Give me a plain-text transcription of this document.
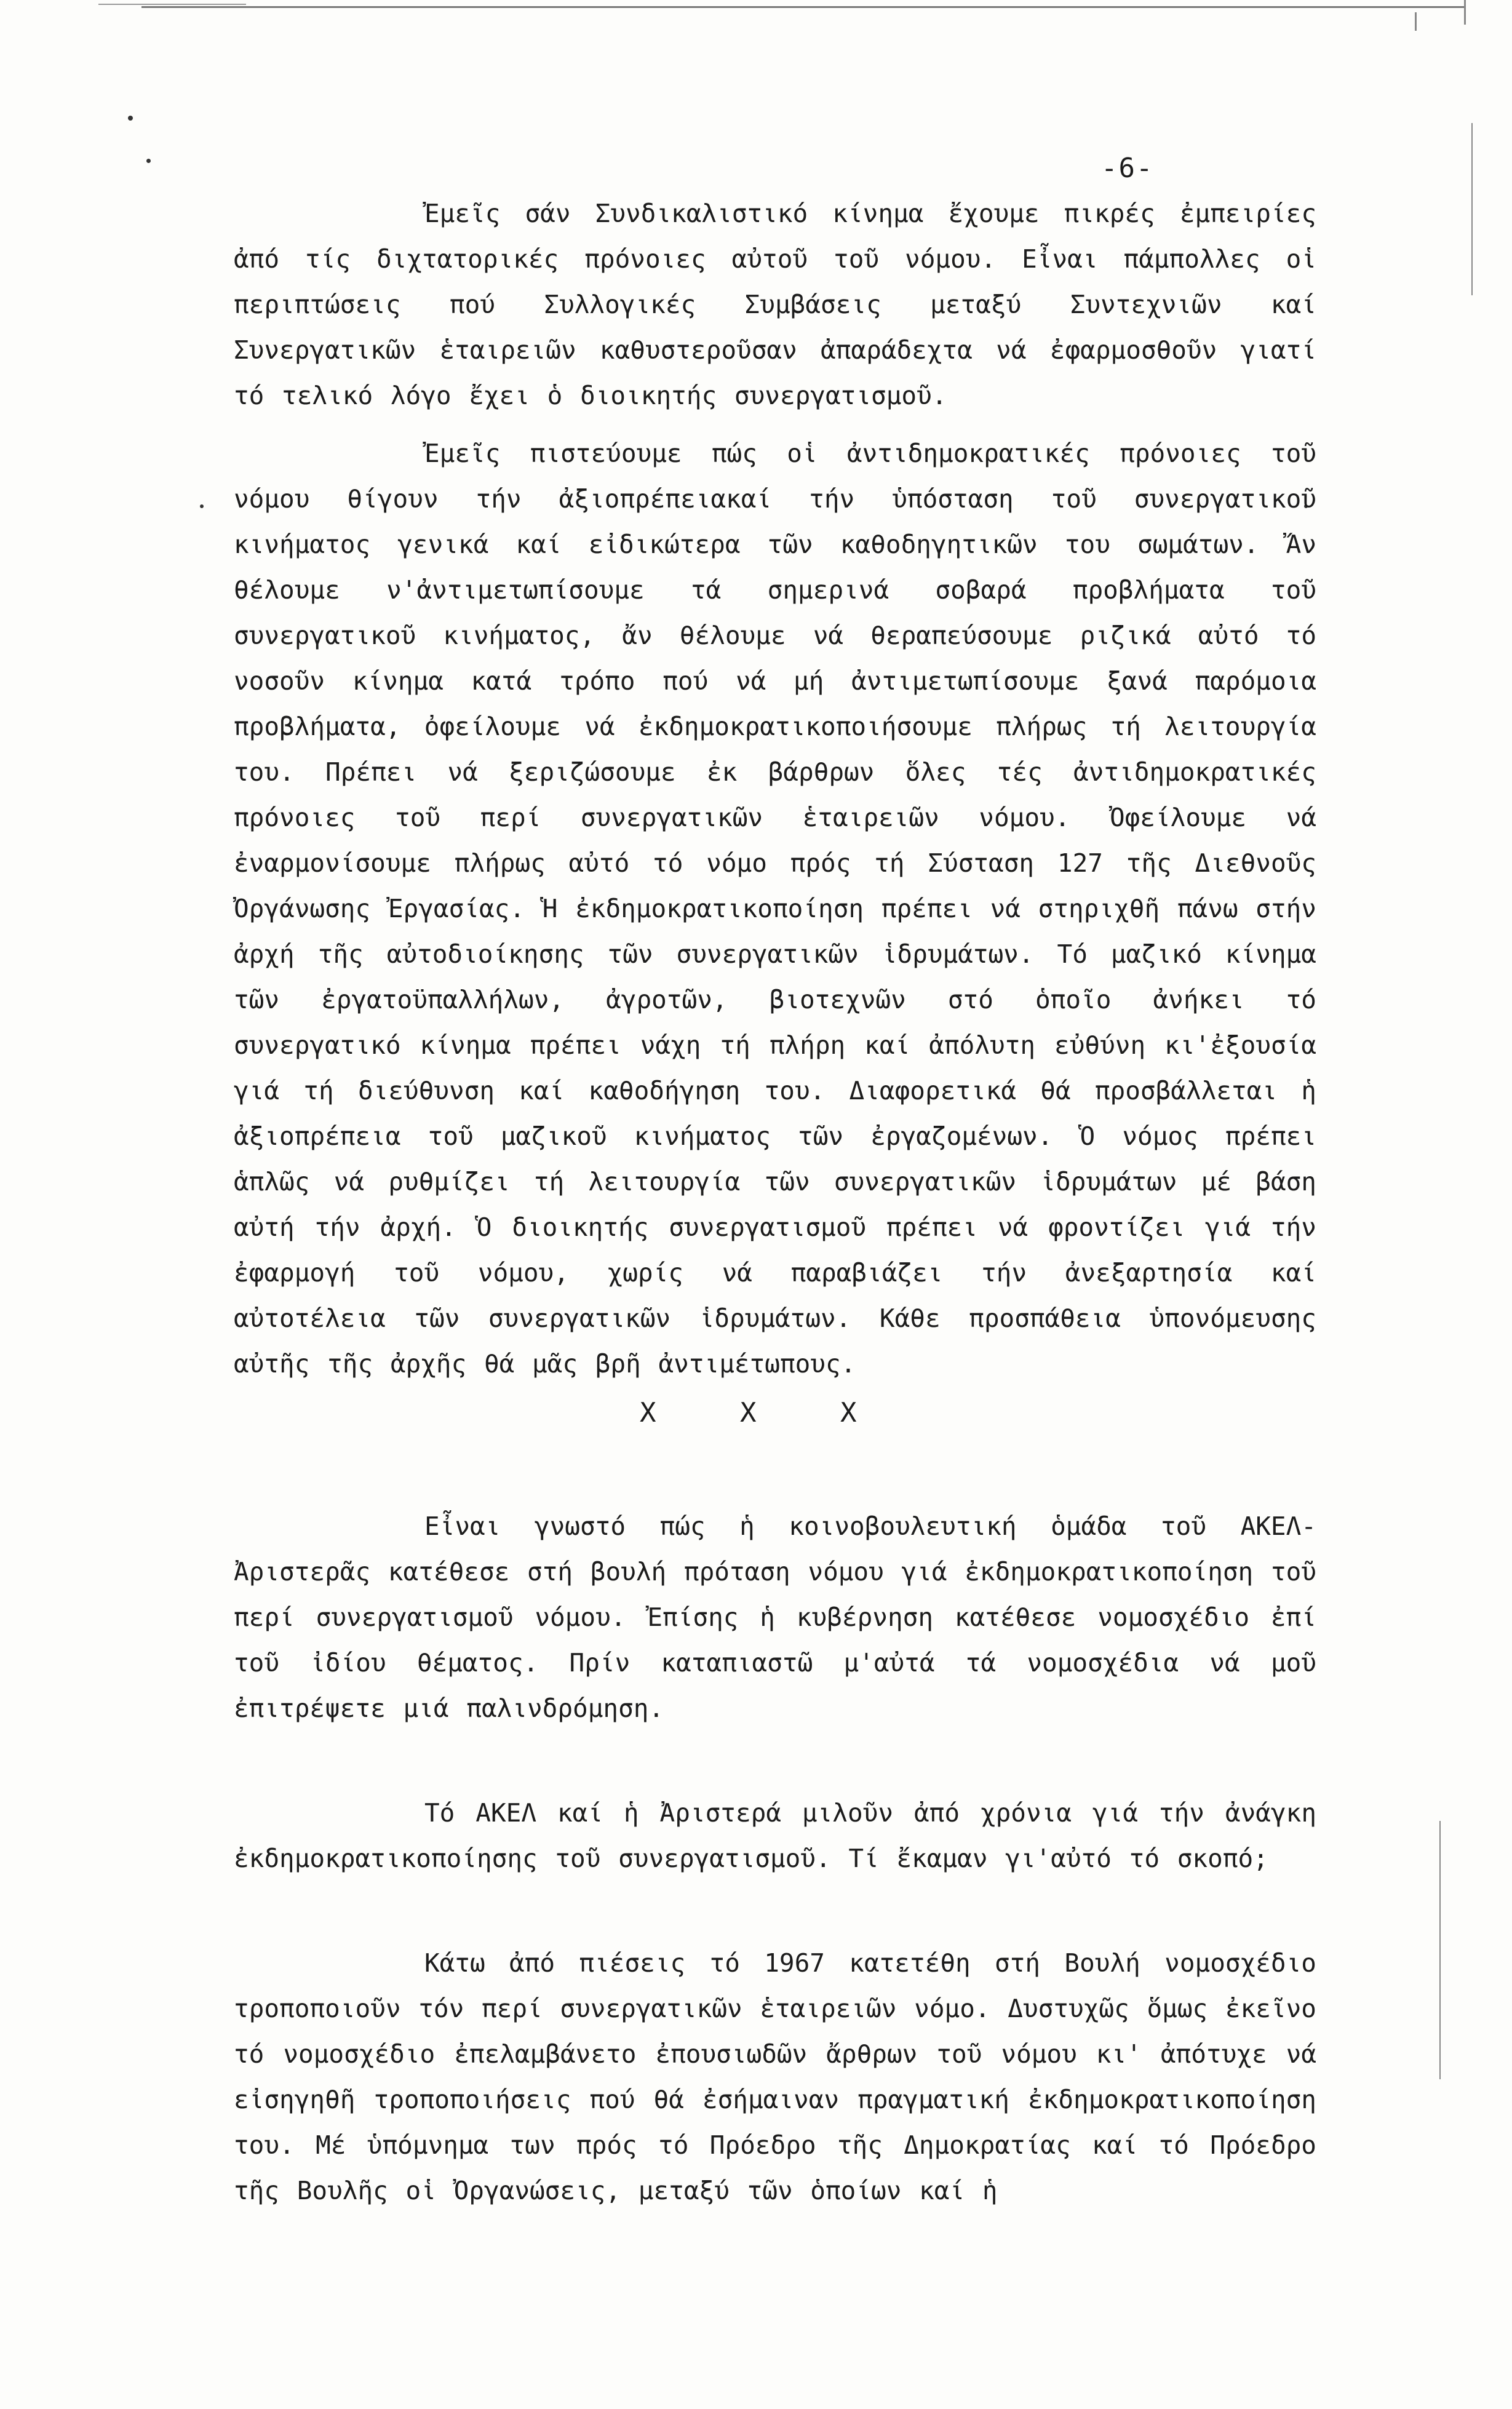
-6-

Ἐμεῖς σάν Συνδικαλιστικό κίνημα ἔχουμε πικρές ἐμπειρίες ἀπό τίς διχτατορικές πρόνοιες αὐτοῦ τοῦ νόμου. Εἶναι πάμπολλες οἱ περιπτώσεις πού Συλλογικές Συμβάσεις μεταξύ Συντεχνιῶν καί Συνεργατικῶν ἑταιρειῶν καθυστεροῦσαν ἀπαράδεχτα νά ἐφαρμοσθοῦν γιατί τό τελικό λόγο ἔχει ὁ διοικητής συνεργατισμοῦ.

Ἐμεῖς πιστεύουμε πώς οἱ ἀντιδημοκρατικές πρόνοιες τοῦ νόμου θίγουν τήν ἀξιοπρέπειακαί τήν ὑπόσταση τοῦ συνεργατικοῦ κινήματος γενικά καί εἰδικώτερα τῶν καθοδηγητικῶν του σωμάτων. Ἄν θέλουμε ν'ἀντιμετωπίσουμε τά σημερινά σοβαρά προβλήματα τοῦ συνεργατικοῦ κινήματος, ἄν θέλουμε νά θεραπεύσουμε ριζικά αὐτό τό νοσοῦν κίνημα κατά τρόπο πού νά μή ἀντιμετωπίσουμε ξανά παρόμοια προβλήματα, ὀφείλουμε νά ἐκδημοκρατικοποιήσουμε πλήρως τή λειτουργία του. Πρέπει νά ξεριζώσουμε ἐκ βάρθρων ὅλες τές ἀντιδημοκρατικές πρόνοιες τοῦ περί συνεργατικῶν ἑταιρειῶν νόμου. Ὀφείλουμε νά ἐναρμονίσουμε πλήρως αὐτό τό νόμο πρός τή Σύσταση 127 τῆς Διεθνοῦς Ὀργάνωσης Ἐργασίας. Ἡ ἐκδημοκρατικοποίηση πρέπει νά στηριχθῆ πάνω στήν ἀρχή τῆς αὐτοδιοίκησης τῶν συνεργατικῶν ἱδρυμάτων. Τό μαζικό κίνημα τῶν ἐργατοϋπαλλήλων, ἀγροτῶν, βιοτεχνῶν στό ὁποῖο ἀνήκει τό συνεργατικό κίνημα πρέπει νάχη τή πλήρη καί ἀπόλυτη εὐθύνη κι'ἐξουσία γιά τή διεύθυνση καί καθοδήγηση του. Διαφορετικά θά προσβάλλεται ἡ ἀξιοπρέπεια τοῦ μαζικοῦ κινήματος τῶν ἐργαζομένων. Ὁ νόμος πρέπει ἁπλῶς νά ρυθμίζει τή λειτουργία τῶν συνεργατικῶν ἱδρυμάτων μέ βάση αὐτή τήν ἀρχή. Ὁ διοικητής συνεργατισμοῦ πρέπει νά φροντίζει γιά τήν ἐφαρμογή τοῦ νόμου, χωρίς νά παραβιάζει τήν ἀνεξαρτησία καί αὐτοτέλεια τῶν συνεργατικῶν ἱδρυμάτων. Κάθε προσπάθεια ὑπονόμευσης αὐτῆς τῆς ἀρχῆς θά μᾶς βρῆ ἀντιμέτωπους.

X X X

Εἶναι γνωστό πώς ἡ κοινοβουλευτική ὁμάδα τοῦ ΑΚΕΛ-Ἀριστερᾶς κατέθεσε στή βουλή πρόταση νόμου γιά ἐκδημοκρατικοποίηση τοῦ περί συνεργατισμοῦ νόμου. Ἐπίσης ἡ κυβέρνηση κατέθεσε νομοσχέδιο ἐπί τοῦ ἰδίου θέματος. Πρίν καταπιαστῶ μ'αὐτά τά νομοσχέδια νά μοῦ ἐπιτρέψετε μιά παλινδρόμηση.

Τό ΑΚΕΛ καί ἡ Ἀριστερά μιλοῦν ἀπό χρόνια γιά τήν ἀνάγκη ἐκδημοκρατικοποίησης τοῦ συνεργατισμοῦ. Τί ἔκαμαν γι'αὐτό τό σκοπό;

Κάτω ἀπό πιέσεις τό 1967 κατετέθη στή Βουλή νομοσχέδιο τροποποιοῦν τόν περί συνεργατικῶν ἑταιρειῶν νόμο. Δυστυχῶς ὅμως ἐκεῖνο τό νομοσχέδιο ἐπελαμβάνετο ἐπουσιωδῶν ἄρθρων τοῦ νόμου κι' ἀπότυχε νά εἰσηγηθῆ τροποποιήσεις πού θά ἐσήμαιναν πραγματική ἐκδημοκρατικοποίηση του. Μέ ὑπόμνημα των πρός τό Πρόεδρο τῆς Δημοκρατίας καί τό Πρόεδρο τῆς Βουλῆς οἱ Ὀργανώσεις, μεταξύ τῶν ὁποίων καί ἡ
